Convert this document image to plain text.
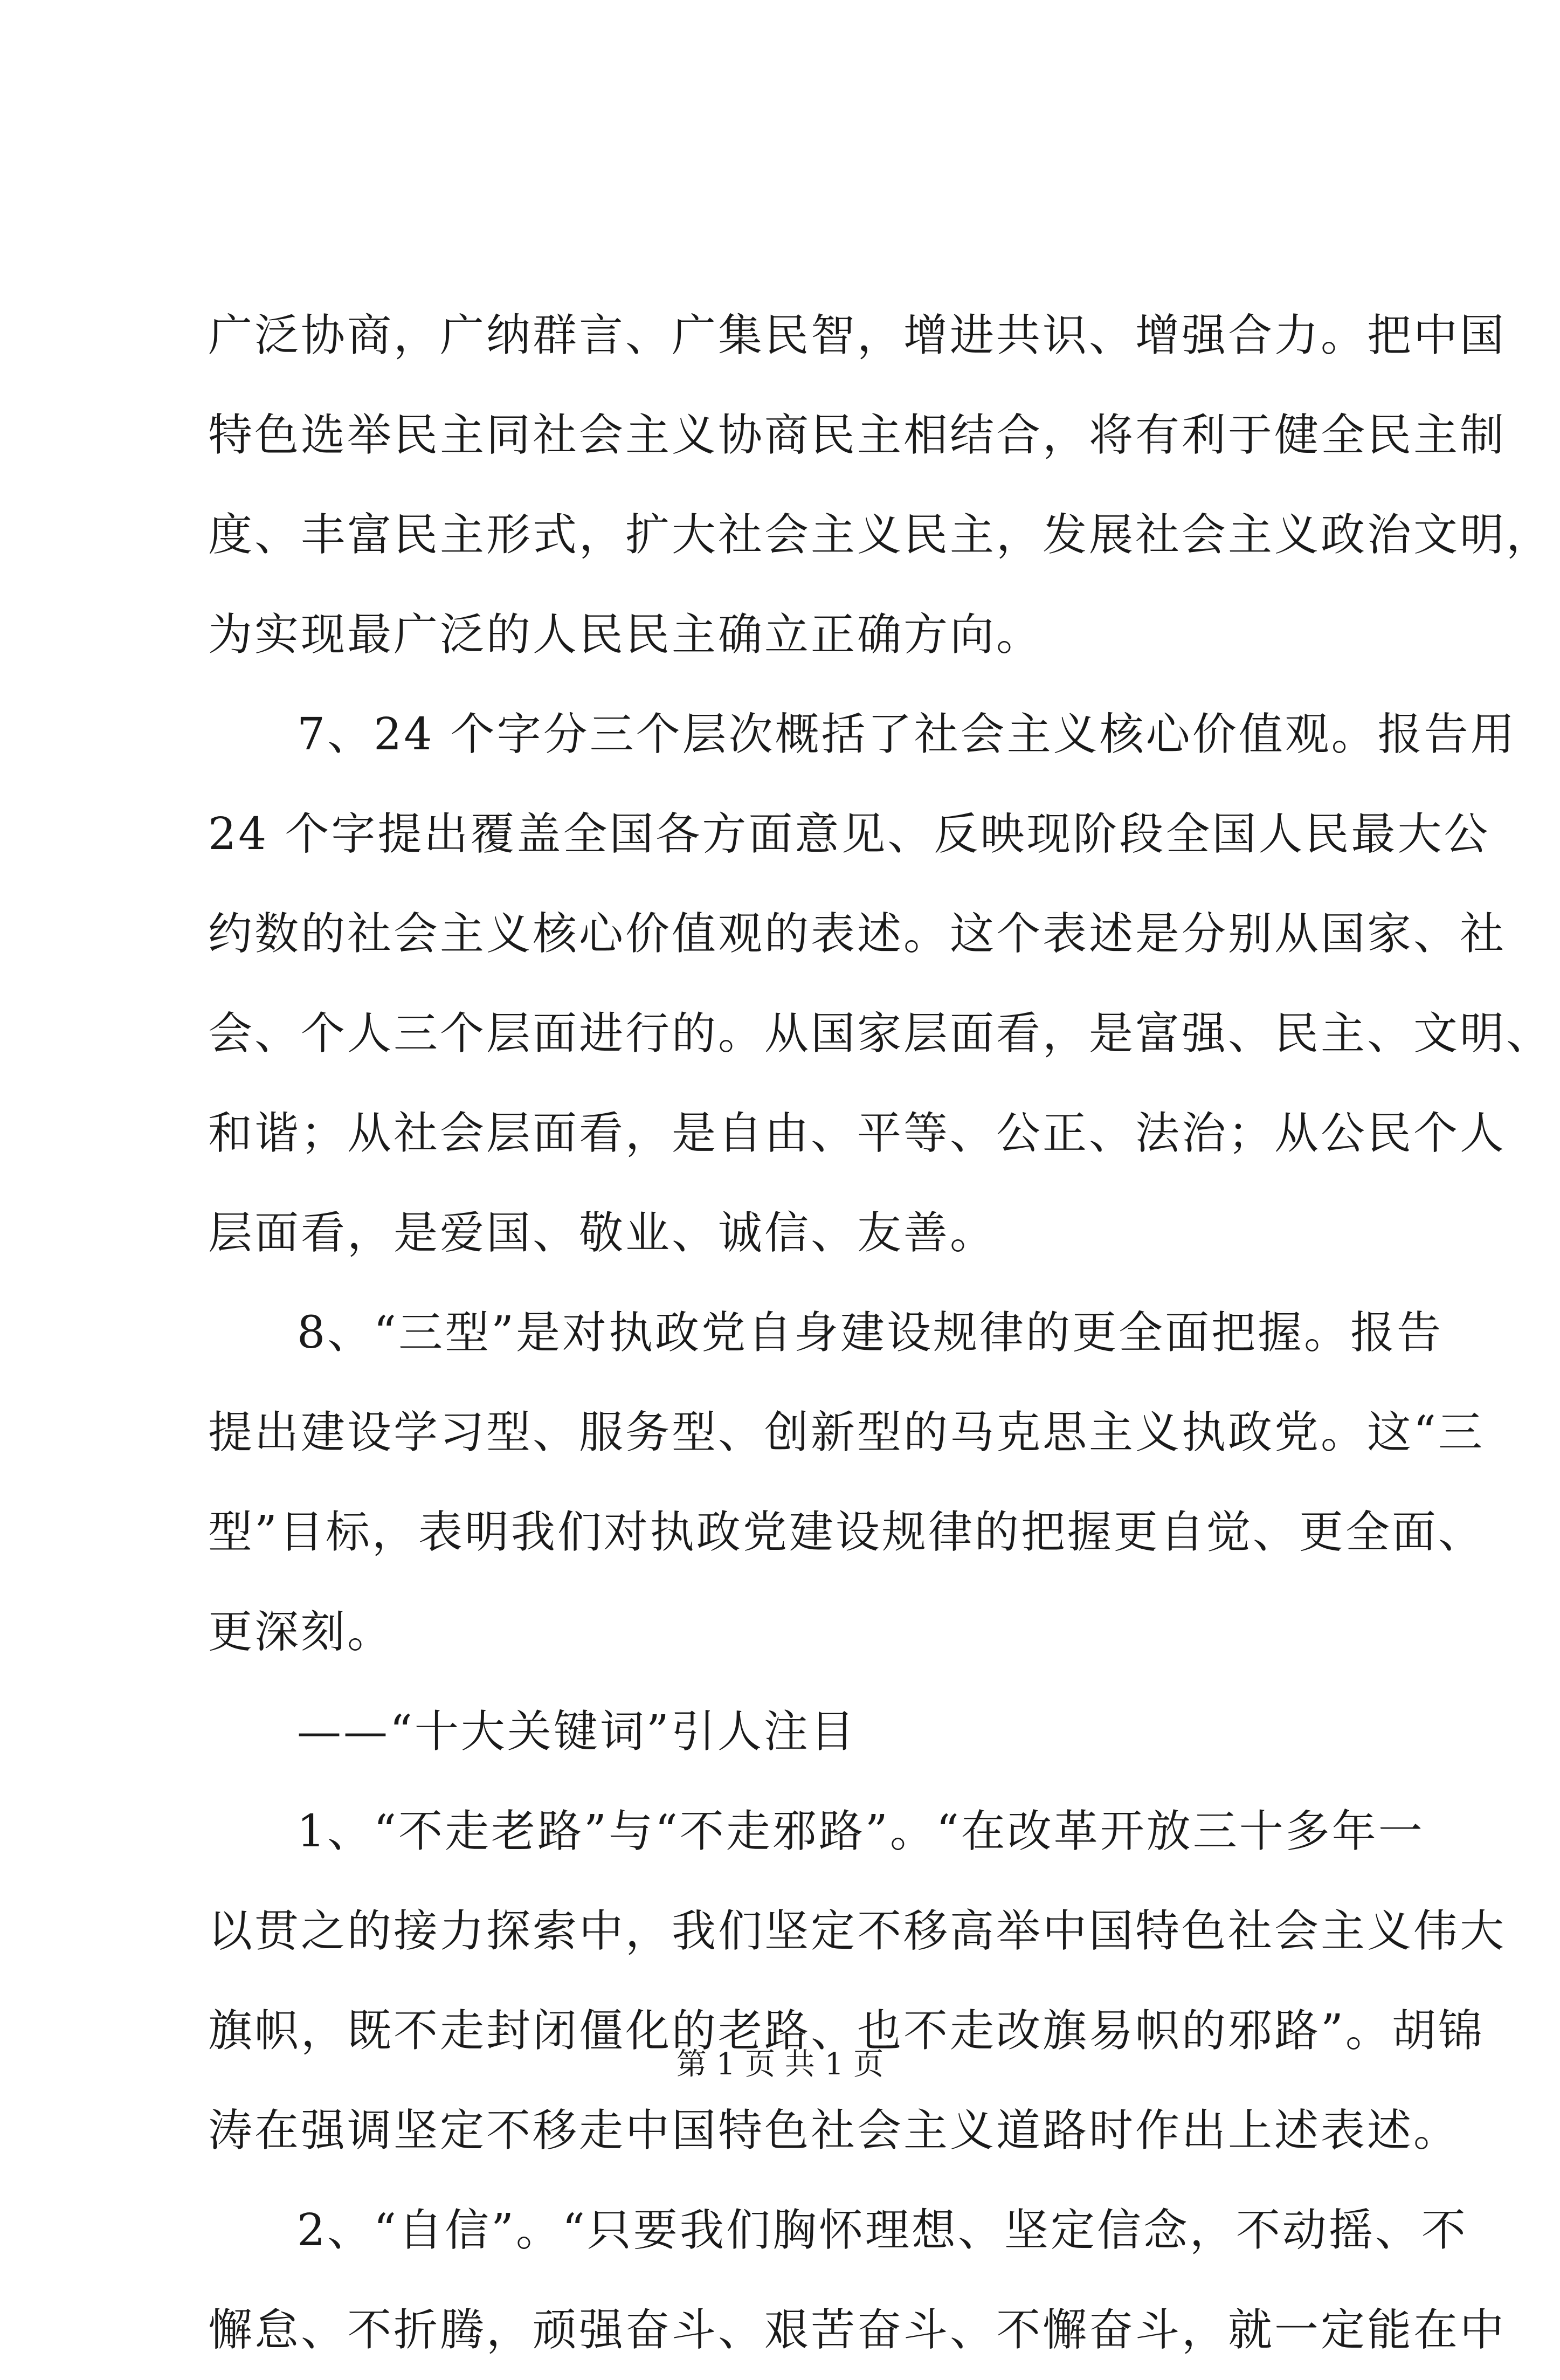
广泛协商，广纳群言、广集民智，增进共识、增强合力。把中国
特色选举民主同社会主义协商民主相结合，将有利于健全民主制
度、丰富民主形式，扩大社会主义民主，发展社会主义政治文明，
为实现最广泛的人民民主确立正确方向。
7、24 个字分三个层次概括了社会主义核心价值观。报告用
24 个字提出覆盖全国各方面意见、反映现阶段全国人民最大公
约数的社会主义核心价值观的表述。这个表述是分别从国家、社
会、个人三个层面进行的。从国家层面看，是富强、民主、文明、
和谐；从社会层面看，是自由、平等、公正、法治；从公民个人
层面看，是爱国、敬业、诚信、友善。
8、“三型”是对执政党自身建设规律的更全面把握。报告
提出建设学习型、服务型、创新型的马克思主义执政党。这“三
型”目标，表明我们对执政党建设规律的把握更自觉、更全面、
更深刻。
——“十大关键词”引人注目
1、“不走老路”与“不走邪路”。“在改革开放三十多年一
以贯之的接力探索中，我们坚定不移高举中国特色社会主义伟大
旗帜，既不走封闭僵化的老路、也不走改旗易帜的邪路”。胡锦
涛在强调坚定不移走中国特色社会主义道路时作出上述表述。
2、“自信”。“只要我们胸怀理想、坚定信念，不动摇、不
懈怠、不折腾，顽强奋斗、艰苦奋斗、不懈奋斗，就一定能在中
第 1 页 共 1 页
